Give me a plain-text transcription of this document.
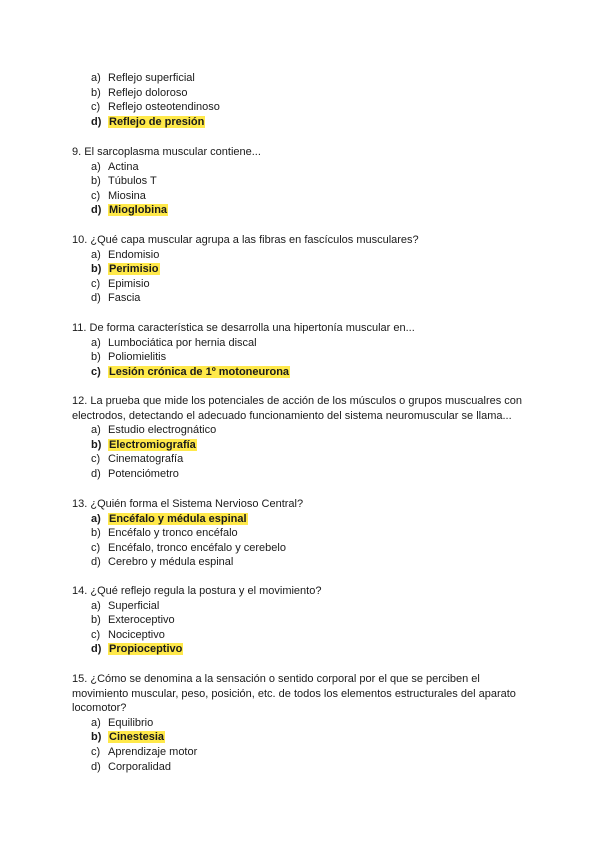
a) Reflejo superficial
b) Reflejo doloroso
c) Reflejo osteotendinoso
d) Reflejo de presión
9. El sarcoplasma muscular contiene...
a) Actina
b) Túbulos T
c) Miosina
d) Mioglobina
10. ¿Qué capa muscular agrupa a las fibras en fascículos musculares?
a) Endomisio
b) Perimisio
c) Epimisio
d) Fascia
11. De forma característica se desarrolla una hipertonía muscular en...
a) Lumbociática por hernia discal
b) Poliomielitis
c) Lesión crónica de 1º motoneurona
12. La prueba que mide los potenciales de acción de los músculos o grupos muscualres con electrodos, detectando el adecuado funcionamiento del sistema neuromuscular se llama...
a) Estudio electrognático
b) Electromiografía
c) Cinematografía
d) Potenciómetro
13. ¿Quién forma el Sistema Nervioso Central?
a) Encéfalo y médula espinal
b) Encéfalo y tronco encéfalo
c) Encéfalo, tronco encéfalo y cerebelo
d) Cerebro y médula espinal
14. ¿Qué reflejo regula la postura y el movimiento?
a) Superficial
b) Exteroceptivo
c) Nociceptivo
d) Propioceptivo
15. ¿Cómo se denomina a la sensación o sentido corporal por el que se perciben el movimiento muscular, peso, posición, etc. de todos los elementos estructurales del aparato locomotor?
a) Equilibrio
b) Cinestesia
c) Aprendizaje motor
d) Corporalidad
